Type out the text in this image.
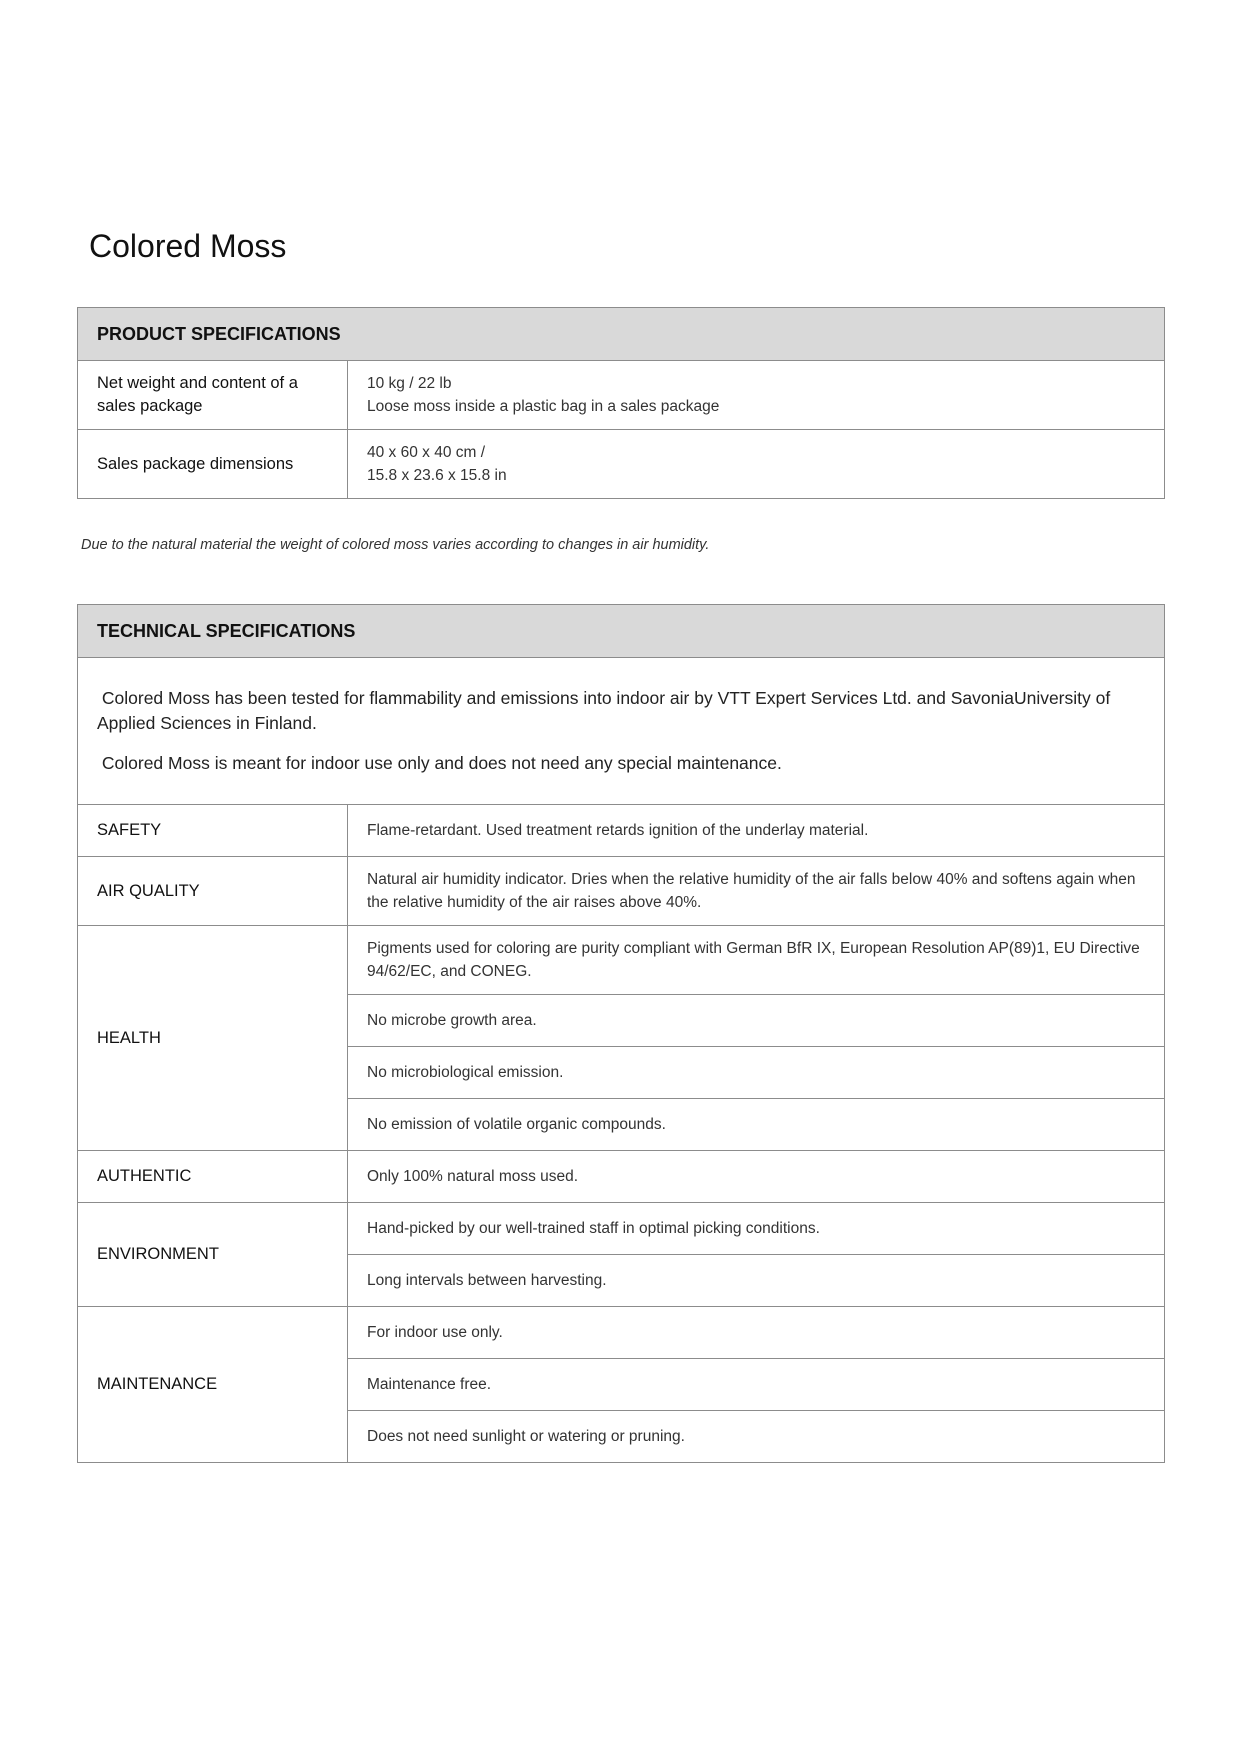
Colored Moss
PRODUCT SPECIFICATIONS	
Net weight and content of a sales package	10 kg / 22 lb
Loose moss inside a plastic bag in a sales package

Sales package dimensions	40 x 60 x 40 cm /
15.8 x 23.6 x 15.8 in

Due to the natural material the weight of colored moss varies according to changes in air humidity.

TECHNICAL SPECIFICATIONS	

Colored Moss has been tested for flammability and emissions into indoor air by VTT Expert Services Ltd. and SavoniaUniversity of Applied Sciences in Finland.

Colored Moss is meant for indoor use only and does not need any special maintenance.	

SAFETY	Flame-retardant. Used treatment retards ignition of the underlay material.
AIR QUALITY	Natural air humidity indicator. Dries when the relative humidity of the air falls below 40% and softens again when the relative humidity of the air raises above 40%.
HEALTH	Pigments used for coloring are purity compliant with German BfR IX, European Resolution AP(89)1, EU Directive 94/62/EC, and CONEG.
	No microbe growth area.
	No microbiological emission.
	No emission of volatile organic compounds.
AUTHENTIC	Only 100% natural moss used.
ENVIRONMENT	Hand-picked by our well-trained staff in optimal picking conditions.
	Long intervals between harvesting.
MAINTENANCE	For indoor use only.
	Maintenance free.
	Does not need sunlight or watering or pruning.
